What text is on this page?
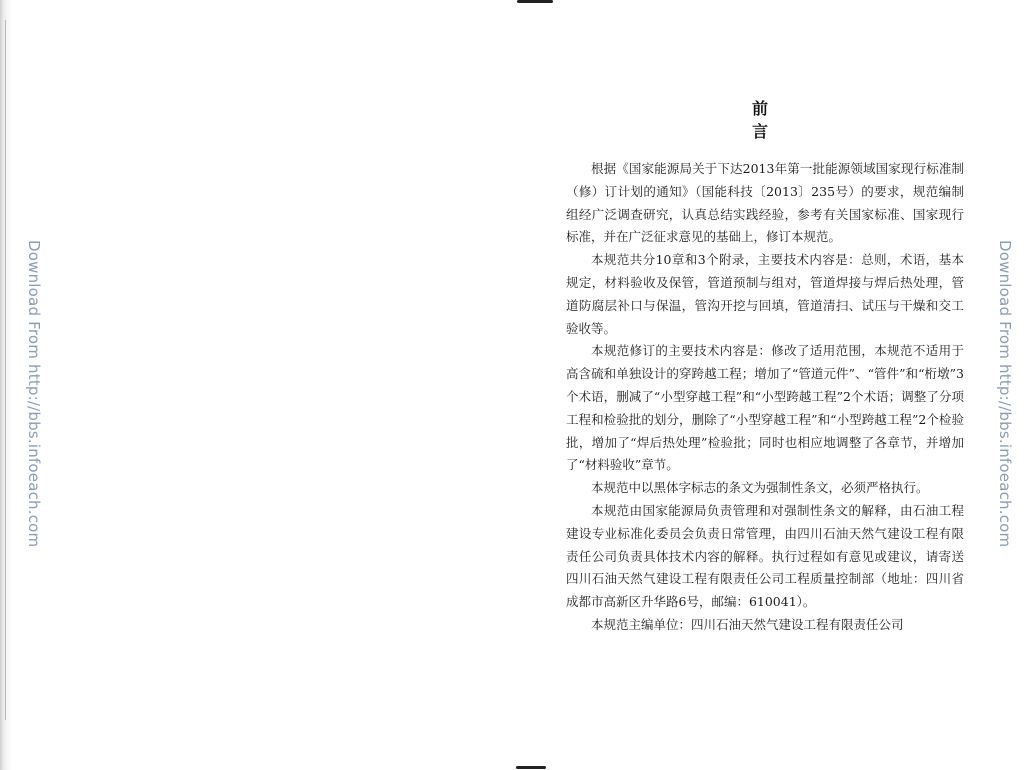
Download From http://bbs.infoeach.com	Download From http://bbs.infoeach.com
前　言

根据《国家能源局关于下达2013年第一批能源领域国家现行标准制（修）订计划的通知》（国能科技〔2013〕235号）的要求，规范编制组经广泛调查研究，认真总结实践经验，参考有关国家标准、国家现行标准，并在广泛征求意见的基础上，修订本规范。

本规范共分10章和3个附录，主要技术内容是：总则，术语，基本规定，材料验收及保管，管道预制与组对，管道焊接与焊后热处理，管道防腐层补口与保温，管沟开挖与回填，管道清扫、试压与干燥和交工验收等。

本规范修订的主要技术内容是：修改了适用范围，本规范不适用于高含硫和单独设计的穿跨越工程；增加了“管道元件”、“管件”和“桁墩”3个术语，删减了“小型穿越工程”和“小型跨越工程”2个术语；调整了分项工程和检验批的划分，删除了“小型穿越工程”和“小型跨越工程”2个检验批，增加了“焊后热处理”检验批；同时也相应地调整了各章节，并增加了“材料验收”章节。

本规范中以黑体字标志的条文为强制性条文，必须严格执行。

本规范由国家能源局负责管理和对强制性条文的解释，由石油工程建设专业标准化委员会负责日常管理，由四川石油天然气建设工程有限责任公司负责具体技术内容的解释。执行过程如有意见或建议，请寄送四川石油天然气建设工程有限责任公司工程质量控制部（地址：四川省成都市高新区升华路6号，邮编：610041）。

本规范主编单位：四川石油天然气建设工程有限责任公司
